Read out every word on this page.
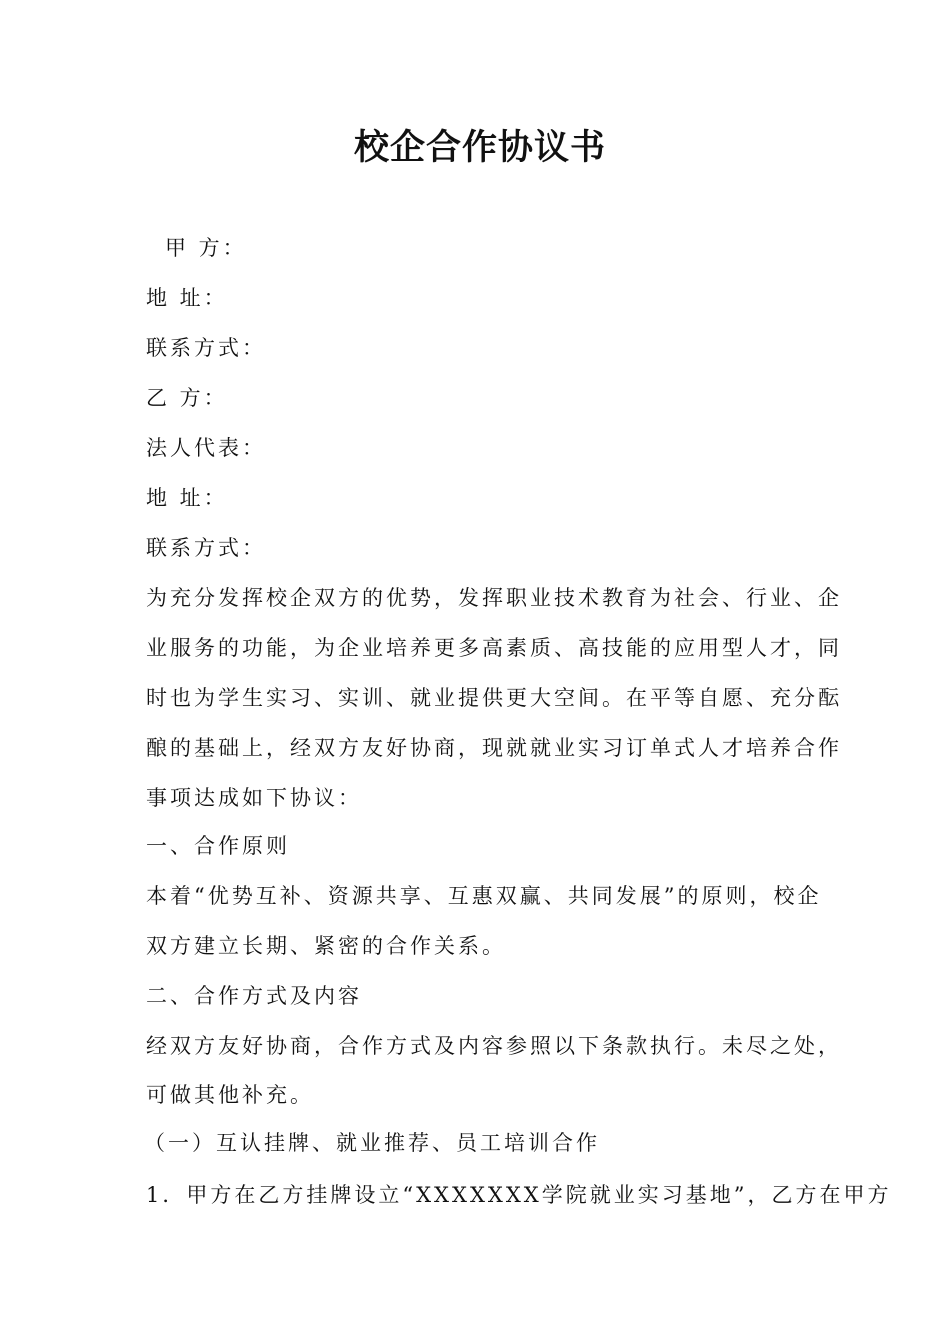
校企合作协议书
甲 方：
地 址：
联系方式：
乙 方：
法人代表：
地 址：
联系方式：
为充分发挥校企双方的优势，发挥职业技术教育为社会、行业、企
业服务的功能，为企业培养更多高素质、高技能的应用型人才，同
时也为学生实习、实训、就业提供更大空间。在平等自愿、充分酝
酿的基础上，经双方友好协商，现就就业实习订单式人才培养合作
事项达成如下协议：
一、合作原则
本着“优势互补、资源共享、互惠双赢、共同发展”的原则，校企
双方建立长期、紧密的合作关系。
二、合作方式及内容
经双方友好协商，合作方式及内容参照以下条款执行。未尽之处，
可做其他补充。
（一）互认挂牌、就业推荐、员工培训合作
1．甲方在乙方挂牌设立“XXXXXXX学院就业实习基地”，乙方在甲方
